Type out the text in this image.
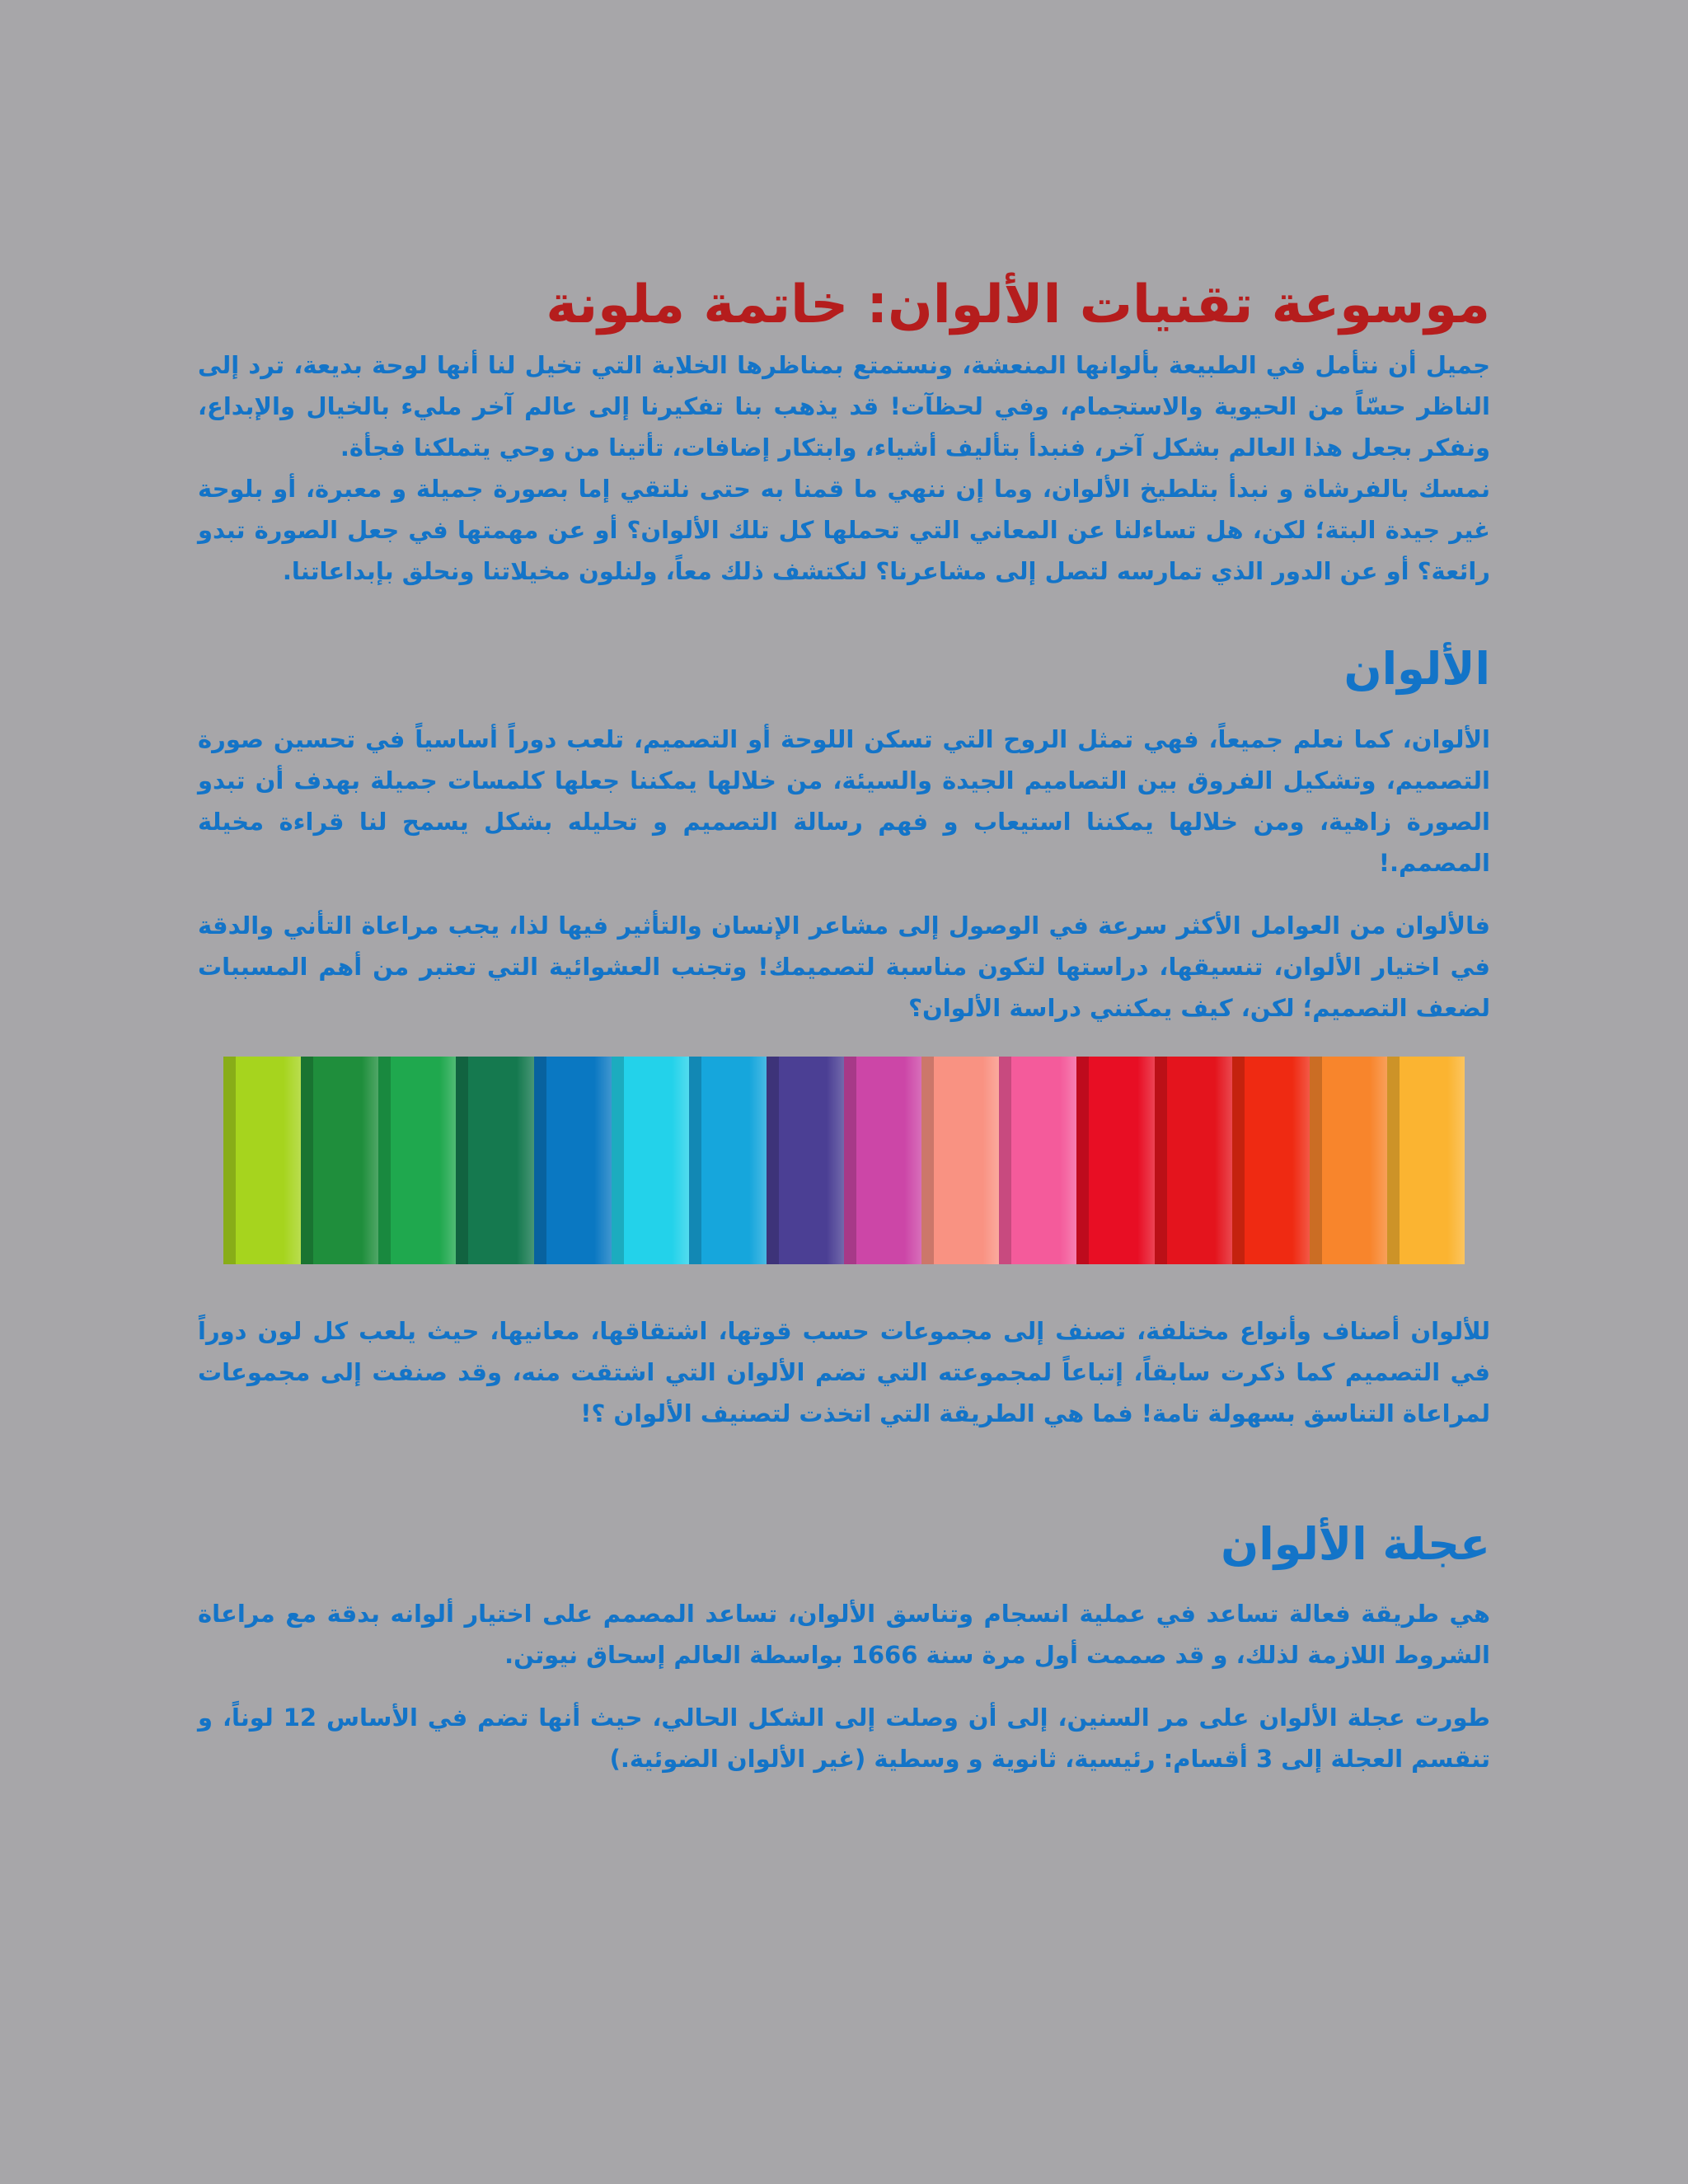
موسوعة تقنيات الألوان: خاتمة ملونة

جميل أن نتأمل في الطبيعة بألوانها المنعشة، ونستمتع بمناظرها الخلابة التي تخيل لنا أنها لوحة بديعة، ترد إلى الناظر حسّاً من الحيوية والاستجمام، وفي لحظآت! قد يذهب بنا تفكيرنا إلى عالم آخر مليء بالخيال والإبداع، ونفكر بجعل هذا العالم بشكل آخر، فنبدأ بتأليف أشياء، وابتكار إضافات، تأتينا من وحي يتملكنا فجأة.

نمسك بالفرشاة و نبدأ بتلطيخ الألوان، وما إن ننهي ما قمنا به حتى نلتقي إما بصورة جميلة و معبرة، أو بلوحة غير جيدة البتة؛ لكن، هل تساءلنا عن المعاني التي تحملها كل تلك الألوان؟ أو عن مهمتها في جعل الصورة تبدو رائعة؟ أو عن الدور الذي تمارسه لتصل إلى مشاعرنا؟ لنكتشف ذلك معاً، ولنلون مخيلاتنا ونحلق بإبداعاتنا.

الألوان

الألوان، كما نعلم جميعاً، فهي تمثل الروح التي تسكن اللوحة أو التصميم، تلعب دوراً أساسياً في تحسين صورة التصميم، وتشكيل الفروق بين التصاميم الجيدة والسيئة، من خلالها يمكننا جعلها كلمسات جميلة بهدف أن تبدو الصورة زاهية، ومن خلالها يمكننا استيعاب و فهم رسالة التصميم و تحليله بشكل يسمح لنا قراءة مخيلة المصمم.!

فالألوان من العوامل الأكثر سرعة في الوصول إلى مشاعر الإنسان والتأثير فيها لذا، يجب مراعاة التأني والدقة في اختيار الألوان، تنسيقها، دراستها لتكون مناسبة لتصميمك! وتجنب العشوائية التي تعتبر من أهم المسببات لضعف التصميم؛ لكن، كيف يمكنني دراسة الألوان؟

للألوان أصناف وأنواع مختلفة، تصنف إلى مجموعات حسب قوتها، اشتقاقها، معانيها، حيث يلعب كل لون دوراً في التصميم كما ذكرت سابقاً، إتباعاً لمجموعته التي تضم الألوان التي اشتقت منه، وقد صنفت إلى مجموعات لمراعاة التناسق بسهولة تامة! فما هي الطريقة التي اتخذت لتصنيف الألوان ؟!

عجلة الألوان

هي طريقة فعالة تساعد في عملية انسجام وتناسق الألوان، تساعد المصمم على اختيار ألوانه بدقة مع مراعاة الشروط اللازمة لذلك، و قد صممت أول مرة سنة 1666 بواسطة العالم إسحاق نيوتن.

طورت عجلة الألوان على مر السنين، إلى أن وصلت إلى الشكل الحالي، حيث أنها تضم في الأساس 12 لوناً، و تنقسم العجلة إلى 3 أقسام: رئيسية، ثانوية و وسطية (غير الألوان الضوئية.)
